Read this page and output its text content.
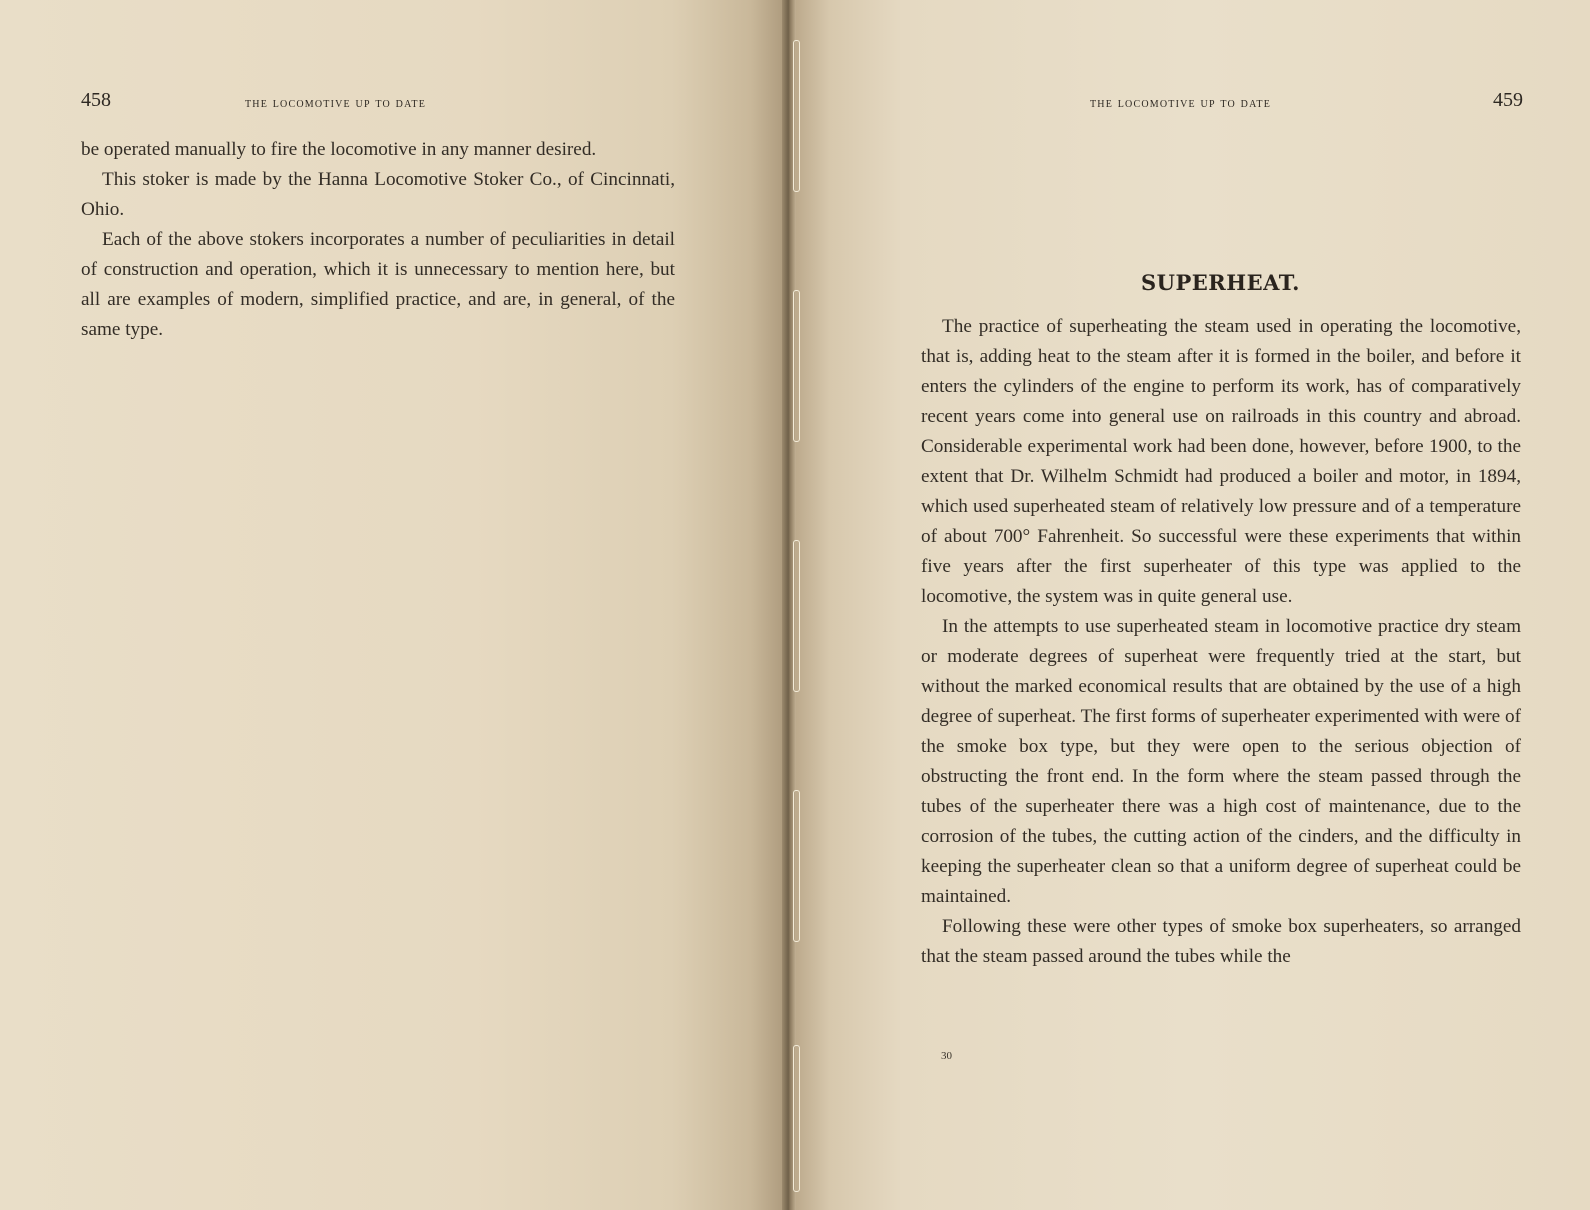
458	the locomotive up to date

be operated manually to fire the locomotive in any manner desired.

This stoker is made by the Hanna Locomotive Stoker Co., of Cincinnati, Ohio.

Each of the above stokers incorporates a number of peculiarities in detail of construction and operation, which it is unnecessary to mention here, but all are examples of modern, simplified practice, and are, in general, of the same type.

the locomotive up to date	459
SUPERHEAT.

The practice of superheating the steam used in operating the locomotive, that is, adding heat to the steam after it is formed in the boiler, and before it enters the cylinders of the engine to perform its work, has of comparatively recent years come into general use on railroads in this country and abroad. Considerable experimental work had been done, however, before 1900, to the extent that Dr. Wilhelm Schmidt had produced a boiler and motor, in 1894, which used superheated steam of relatively low pressure and of a temperature of about 700° Fahrenheit. So successful were these experiments that within five years after the first superheater of this type was applied to the locomotive, the system was in quite general use.

In the attempts to use superheated steam in locomotive practice dry steam or moderate degrees of superheat were frequently tried at the start, but without the marked economical results that are obtained by the use of a high degree of superheat. The first forms of superheater experimented with were of the smoke box type, but they were open to the serious objection of obstructing the front end. In the form where the steam passed through the tubes of the superheater there was a high cost of maintenance, due to the corrosion of the tubes, the cutting action of the cinders, and the difficulty in keeping the superheater clean so that a uniform degree of superheat could be maintained.

Following these were other types of smoke box superheaters, so arranged that the steam passed around the tubes while the

30
